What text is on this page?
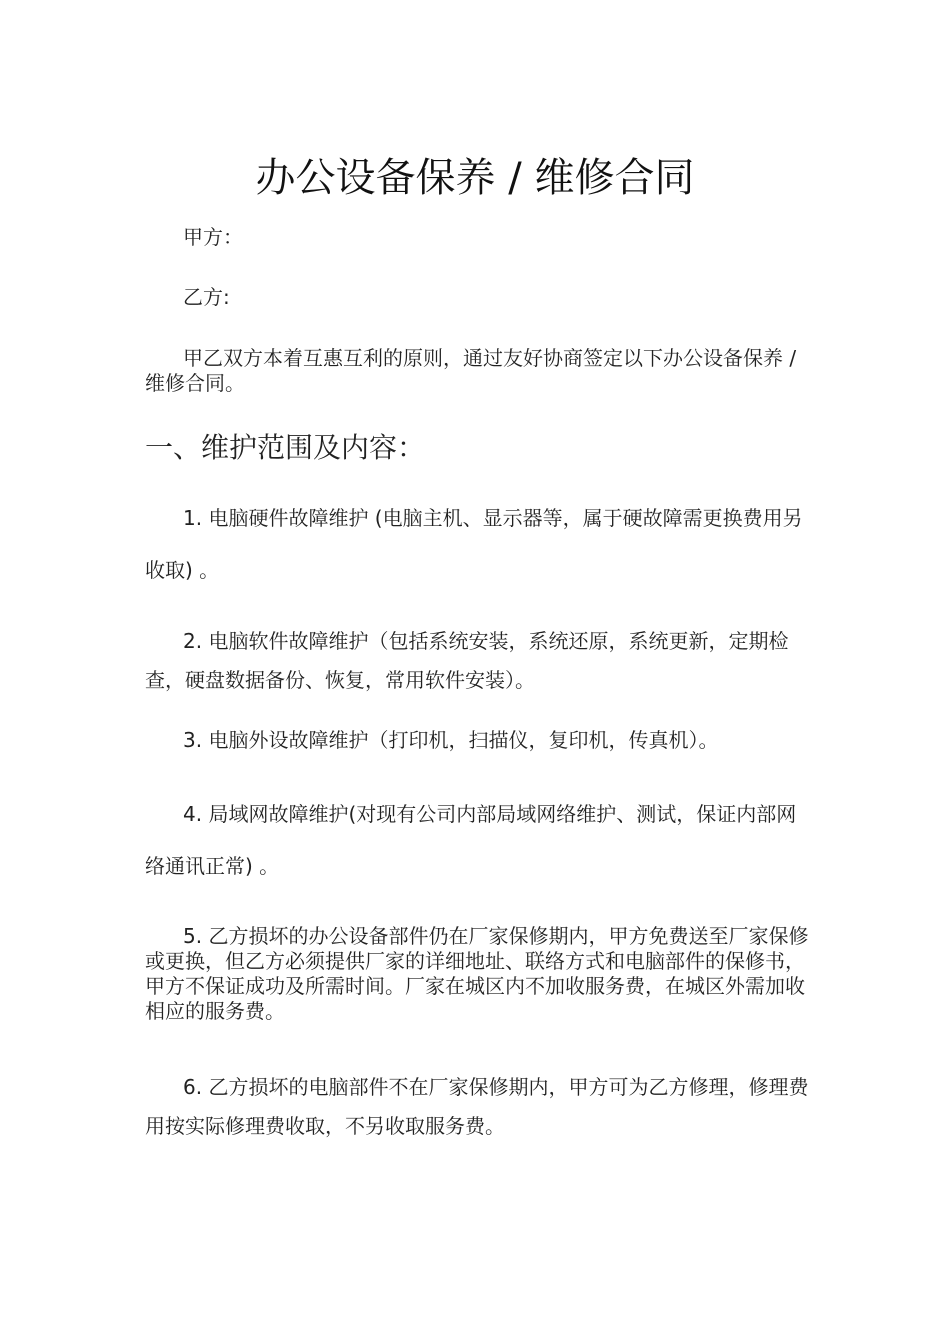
办公设备保养 / 维修合同

甲方：

乙方:

甲乙双方本着互惠互利的原则，通过友好协商签定以下办公设备保养 / 维修合同。

一、维护范围及内容：

1. 电脑硬件故障维护 (电脑主机、显示器等，属于硬故障需更换费用另收取) 。

2. 电脑软件故障维护（包括系统安装，系统还原，系统更新，定期检查，硬盘数据备份、恢复，常用软件安装）。

3. 电脑外设故障维护（打印机，扫描仪，复印机，传真机）。

4. 局域网故障维护(对现有公司内部局域网络维护、测试，保证内部网络通讯正常) 。

5. 乙方损坏的办公设备部件仍在厂家保修期内，甲方免费送至厂家保修或更换，但乙方必须提供厂家的详细地址、联络方式和电脑部件的保修书，甲方不保证成功及所需时间。厂家在城区内不加收服务费，在城区外需加收相应的服务费。

6. 乙方损坏的电脑部件不在厂家保修期内，甲方可为乙方修理，修理费用按实际修理费收取，不另收取服务费。
